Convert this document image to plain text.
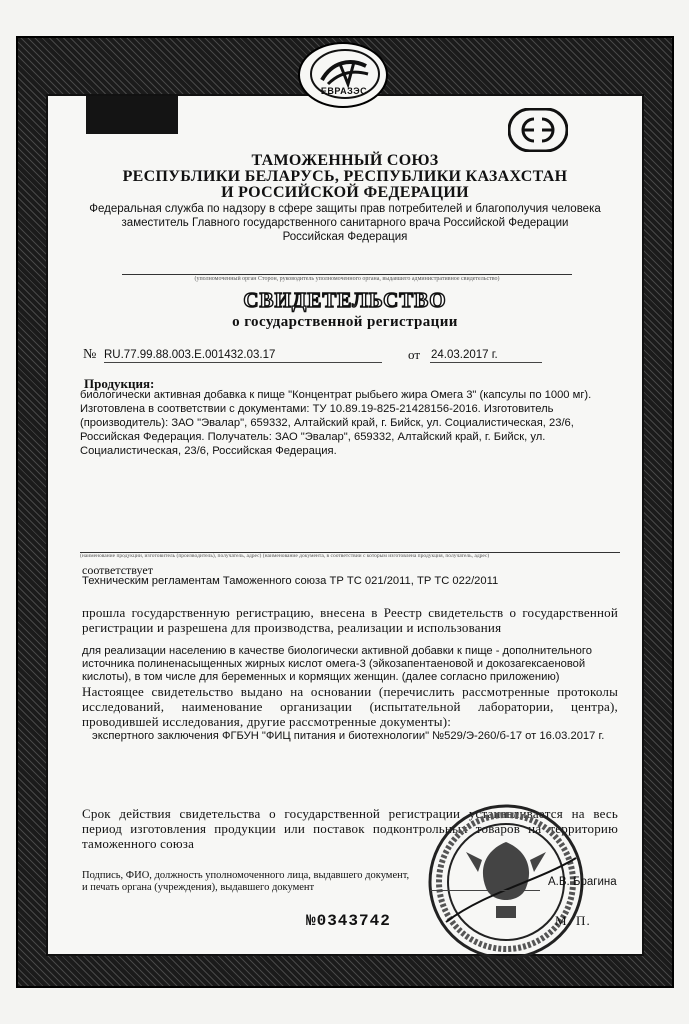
ЕВРАЗЭС
ТАМОЖЕННЫЙ СОЮЗ
РЕСПУБЛИКИ БЕЛАРУСЬ, РЕСПУБЛИКИ КАЗАХСТАН
И РОССИЙСКОЙ ФЕДЕРАЦИИ
Федеральная служба по надзору в сфере защиты прав потребителей и благополучия человека
заместитель Главного государственного санитарного врача Российской Федерации
Российская Федерация
(уполномоченный орган Сторон, руководитель уполномоченного органа, выдавшего административное свидетельство)
СВИДЕТЕЛЬСТВО
о государственной регистрации
№ RU.77.99.88.003.Е.001432.03.17	от 24.03.2017 г.
Продукция:
биологически активная добавка к пище "Концентрат рыбьего жира Омега 3" (капсулы по 1000 мг).
Изготовлена в соответствии с документами: ТУ 10.89.19-825-21428156-2016. Изготовитель
(производитель): ЗАО "Эвалар", 659332, Алтайский край, г. Бийск, ул. Социалистическая, 23/6,
Российская Федерация. Получатель: ЗАО "Эвалар", 659332, Алтайский край, г. Бийск, ул.
Социалистическая, 23/6, Российская Федерация.
(наименование продукции, изготовитель (производитель), получатель, адрес) (наименование документа, в соответствии с которым изготовлена продукция, получатель, адрес)
соответствует
Техническим регламентам Таможенного союза ТР ТС 021/2011, ТР ТС 022/2011
прошла государственную регистрацию, внесена в Реестр свидетельств о государственной регистрации и разрешена для производства, реализации и использования
для реализации населению в качестве биологически активной добавки к пище - дополнительного источника полиненасыщенных жирных кислот омега-3 (эйкозапентаеновой и докозагексаеновой кислоты), в том числе для беременных и кормящих женщин. (далее согласно приложению)
Настоящее свидетельство выдано на основании (перечислить рассмотренные протоколы исследований, наименование организации (испытательной лаборатории, центра), проводившей исследования, другие рассмотренные документы):
экспертного заключения ФГБУН "ФИЦ питания и биотехнологии" №529/Э-260/б-17 от 16.03.2017 г.
Срок действия свидетельства о государственной регистрации устанавливается на весь период изготовления продукции или поставок подконтрольных товаров на территорию таможенного союза
Подпись, ФИО, должность уполномоченного лица, выдавшего документ, и печать органа (учреждения), выдавшего документ	А.В. Брагина
№0343742	М. П.
